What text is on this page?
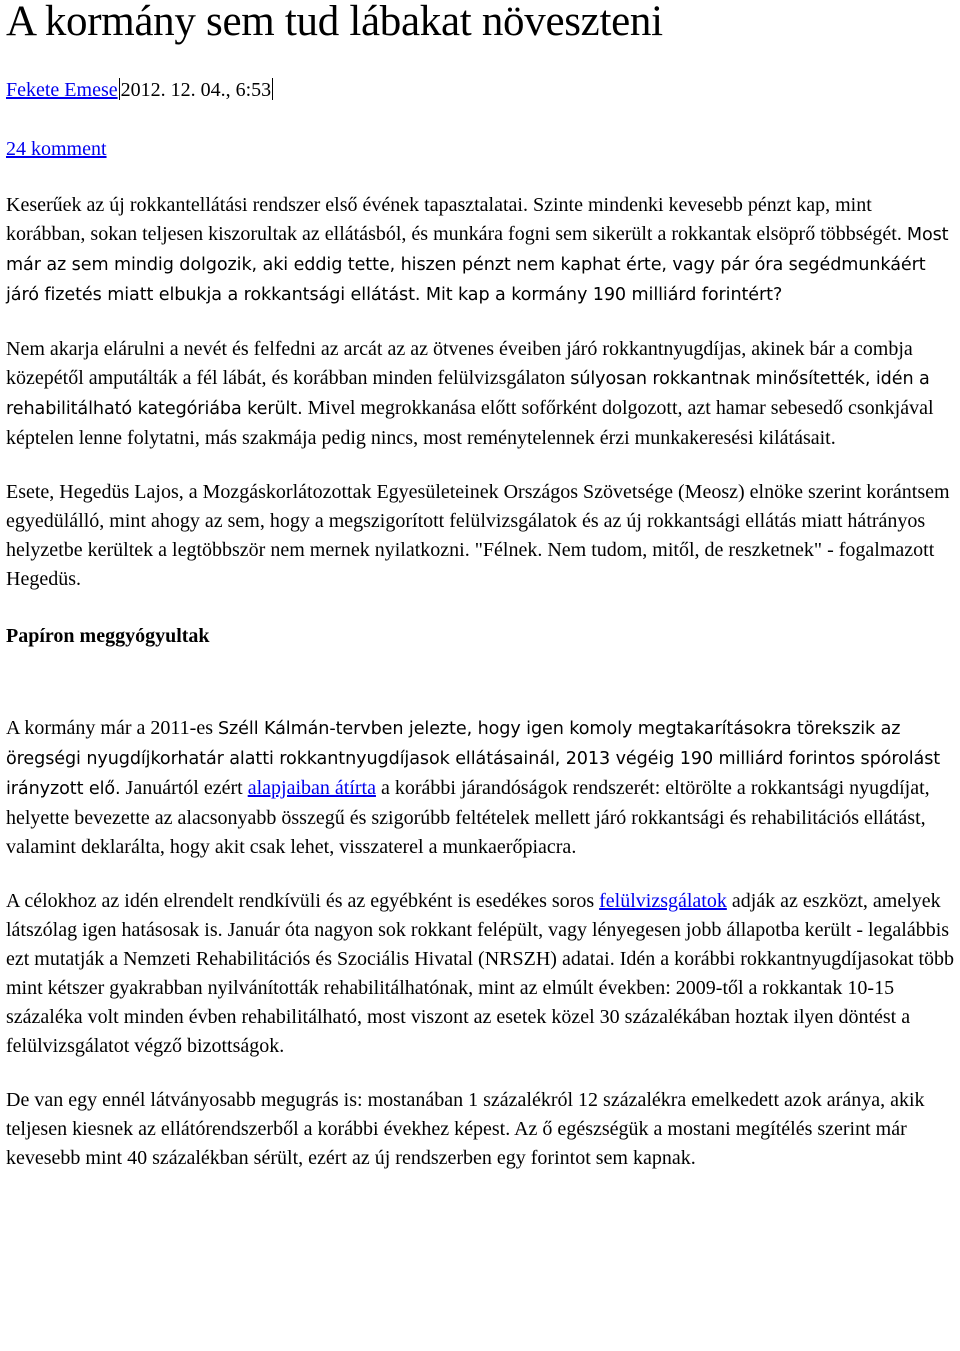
A kormány sem tud lábakat növeszteni
Fekete Emese 2012. 12. 04., 6:53
24 komment

Keserűek az új rokkantellátási rendszer első évének tapasztalatai. Szinte mindenki kevesebb pénzt kap, mint korábban, sokan teljesen kiszorultak az ellátásból, és munkára fogni sem sikerült a rokkantak elsöprő többségét. Most már az sem mindig dolgozik, aki eddig tette, hiszen pénzt nem kaphat érte, vagy pár óra segédmunkáért járó fizetés miatt elbukja a rokkantsági ellátást. Mit kap a kormány 190 milliárd forintért?

Nem akarja elárulni a nevét és felfedni az arcát az az ötvenes éveiben járó rokkantnyugdíjas, akinek bár a combja közepétől amputálták a fél lábát, és korábban minden felülvizsgálaton súlyosan rokkantnak minősítették, idén a rehabilitálható kategóriába került. Mivel megrokkanása előtt sofőrként dolgozott, azt hamar sebesedő csonkjával képtelen lenne folytatni, más szakmája pedig nincs, most reménytelennek érzi munkakeresési kilátásait.

Esete, Hegedüs Lajos, a Mozgáskorlátozottak Egyesületeinek Országos Szövetsége (Meosz) elnöke szerint korántsem egyedülálló, mint ahogy az sem, hogy a megszigorított felülvizsgálatok és az új rokkantsági ellátás miatt hátrányos helyzetbe kerültek a legtöbbször nem mernek nyilatkozni. "Félnek. Nem tudom, mitől, de reszketnek" - fogalmazott Hegedüs.

Papíron meggyógyultak

A kormány már a 2011-es Széll Kálmán-tervben jelezte, hogy igen komoly megtakarításokra törekszik az öregségi nyugdíjkorhatár alatti rokkantnyugdíjasok ellátásainál, 2013 végéig 190 milliárd forintos spórolást irányzott elő. Januártól ezért alapjaiban átírta a korábbi járandóságok rendszerét: eltörölte a rokkantsági nyugdíjat, helyette bevezette az alacsonyabb összegű és szigorúbb feltételek mellett járó rokkantsági és rehabilitációs ellátást, valamint deklarálta, hogy akit csak lehet, visszaterel a munkaerőpiacra.

A célokhoz az idén elrendelt rendkívüli és az egyébként is esedékes soros felülvizsgálatok adják az eszközt, amelyek látszólag igen hatásosak is. Január óta nagyon sok rokkant felépült, vagy lényegesen jobb állapotba került - legalábbis ezt mutatják a Nemzeti Rehabilitációs és Szociális Hivatal (NRSZH) adatai. Idén a korábbi rokkantnyugdíjasokat több mint kétszer gyakrabban nyilvánították rehabilitálhatónak, mint az elmúlt években: 2009-től a rokkantak 10-15 százaléka volt minden évben rehabilitálható, most viszont az esetek közel 30 százalékában hoztak ilyen döntést a felülvizsgálatot végző bizottságok.

De van egy ennél látványosabb megugrás is: mostanában 1 százalékról 12 százalékra emelkedett azok aránya, akik teljesen kiesnek az ellátórendszerből a korábbi évekhez képest. Az ő egészségük a mostani megítélés szerint már kevesebb mint 40 százalékban sérült, ezért az új rendszerben egy forintot sem kapnak.
